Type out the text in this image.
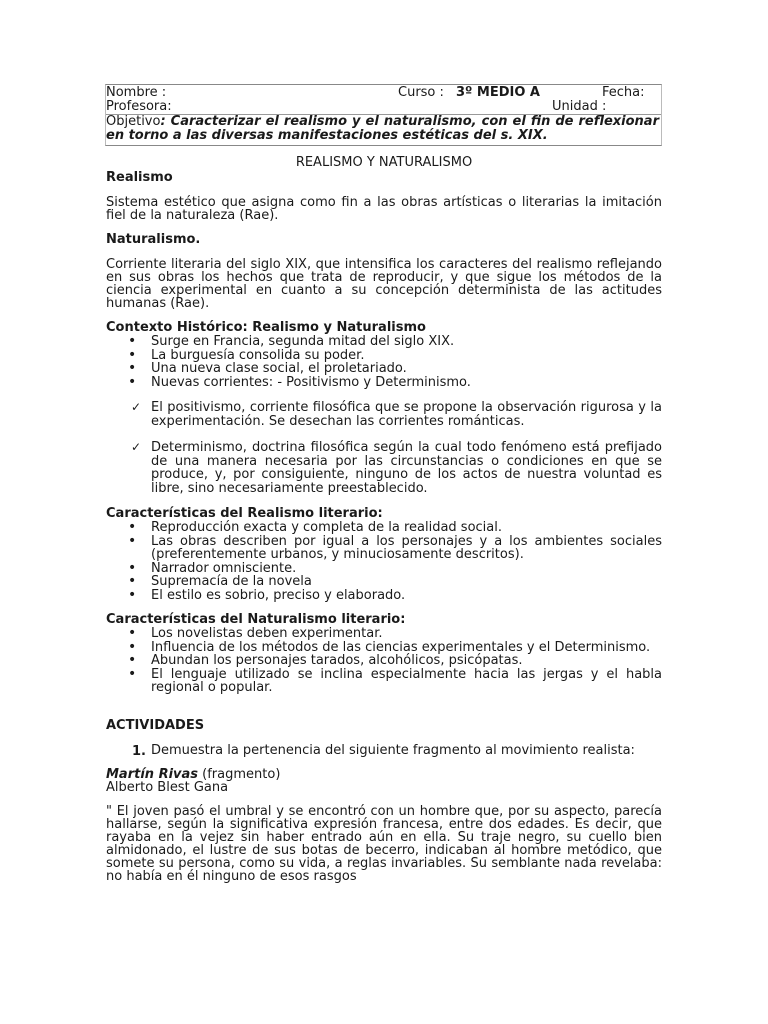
Nombre :	Curso : 3º MEDIO A	Fecha:
Profesora:	Unidad :
Objetivo: Caracterizar el realismo y el naturalismo, con el fin de reflexionar en torno a las diversas manifestaciones estéticas del s. XIX.
REALISMO Y NATURALISMO
Realismo

Sistema estético que asigna como fin a las obras artísticas o literarias la imitación fiel de la naturaleza (Rae).

Naturalismo.

Corriente literaria del siglo XIX, que intensifica los caracteres del realismo reflejando en sus obras los hechos que trata de reproducir, y que sigue los métodos de la ciencia experimental en cuanto a su concepción determinista de las actitudes humanas (Rae).

Contexto Histórico: Realismo y Naturalismo
• Surge en Francia, segunda mitad del siglo XIX.
• La burguesía consolida su poder.
• Una nueva clase social, el proletariado.
• Nuevas corrientes: - Positivismo y Determinismo.
✓ El positivismo, corriente filosófica que se propone la observación rigurosa y la experimentación. Se desechan las corrientes románticas.
✓ Determinismo, doctrina filosófica según la cual todo fenómeno está prefijado de una manera necesaria por las circunstancias o condiciones en que se produce, y, por consiguiente, ninguno de los actos de nuestra voluntad es libre, sino necesariamente preestablecido.
Características del Realismo literario:
• Reproducción exacta y completa de la realidad social.
• Las obras describen por igual a los personajes y a los ambientes sociales (preferentemente urbanos, y minuciosamente descritos).
• Narrador omnisciente.
• Supremacía de la novela
• El estilo es sobrio, preciso y elaborado.
Características del Naturalismo literario:
• Los novelistas deben experimentar.
• Influencia de los métodos de las ciencias experimentales y el Determinismo.
• Abundan los personajes tarados, alcohólicos, psicópatas.
• El lenguaje utilizado se inclina especialmente hacia las jergas y el habla regional o popular.
ACTIVIDADES
1. Demuestra la pertenencia del siguiente fragmento al movimiento realista:

Martín Rivas (fragmento)
Alberto Blest Gana

" El joven pasó el umbral y se encontró con un hombre que, por su aspecto, parecía hallarse, según la significativa expresión francesa, entre dos edades. Es decir, que rayaba en la vejez sin haber entrado aún en ella. Su traje negro, su cuello bien almidonado, el lustre de sus botas de becerro, indicaban al hombre metódico, que somete su persona, como su vida, a reglas invariables. Su semblante nada revelaba: no había en él ninguno de esos rasgos
